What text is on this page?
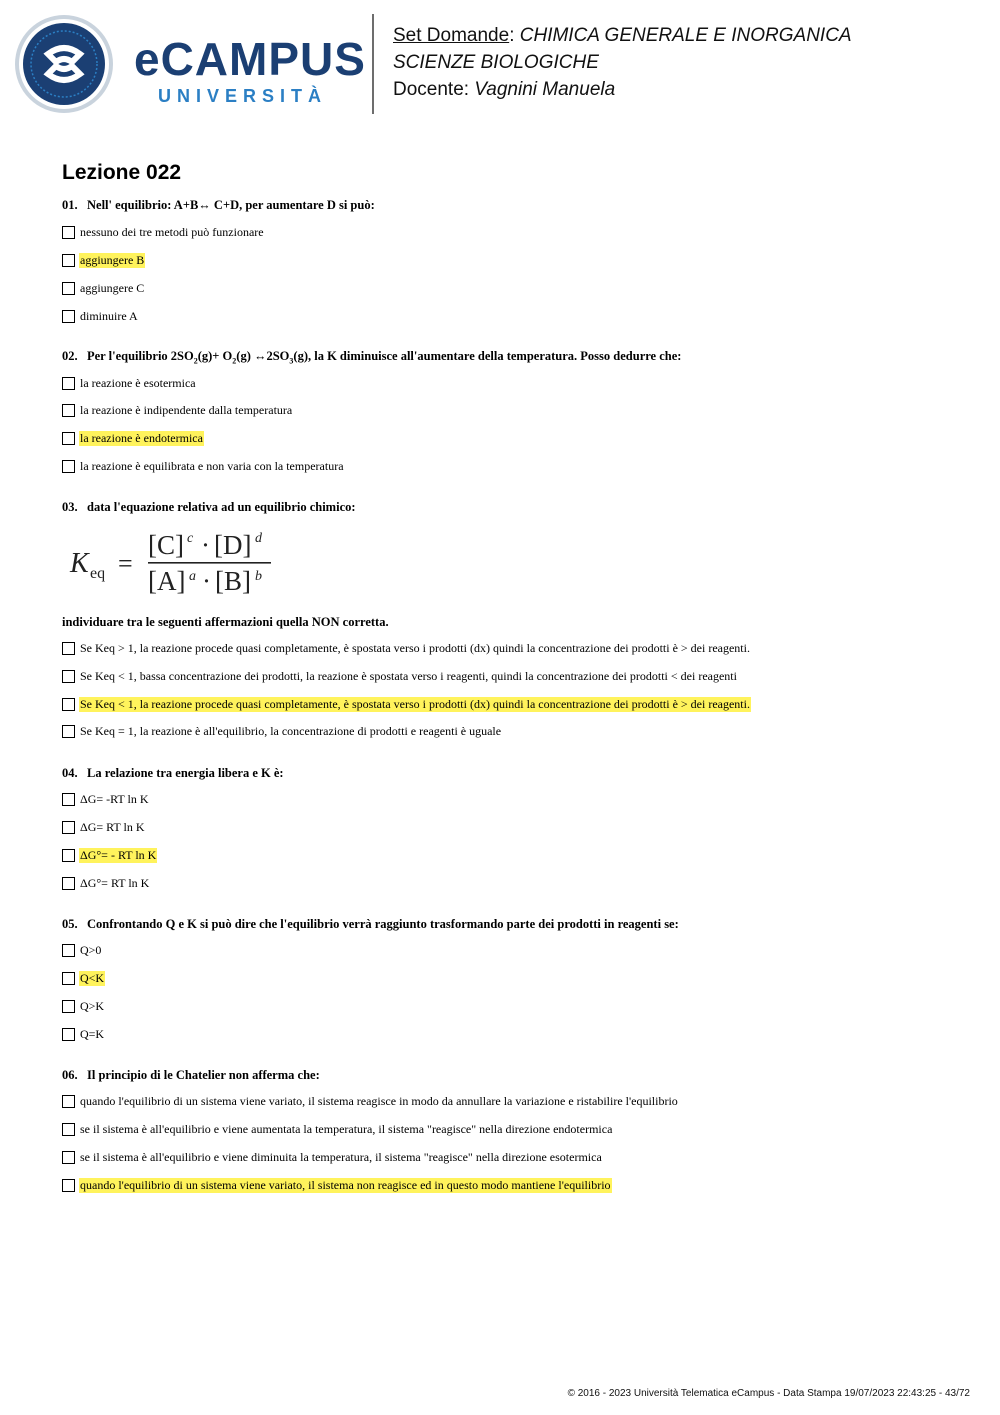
eCAMPUS
UNIVERSITÀ
Set Domande: CHIMICA GENERALE E INORGANICA
SCIENZE BIOLOGICHE
Docente: Vagnini Manuela
Lezione 022
01. Nell' equilibrio: A+B↔ C+D, per aumentare D si può:
nessuno dei tre metodi può funzionare
aggiungere B
aggiungere C
diminuire A
02. Per l'equilibrio $2SO_2(g)+ O_2(g)$ $\leftrightarrow 2SO_3(g)$, la K diminuisce all'aumentare della temperatura. Posso dedurre che:
la reazione è esotermica
la reazione è indipendente dalla temperatura
la reazione è endotermica
la reazione è equilibrata e non varia con la temperatura
03. data l'equazione relativa ad un equilibrio chimico:
K eq =
[C] c · [D] d
[A] a · [B] b
individuare tra le seguenti affermazioni quella NON corretta.
Se Keq > 1, la reazione procede quasi completamente, è spostata verso i prodotti (dx) quindi la concentrazione dei prodotti è > dei reagenti.
Se Keq < 1, bassa concentrazione dei prodotti, la reazione è spostata verso i reagenti, quindi la concentrazione dei prodotti < dei reagenti
Se Keq < 1, la reazione procede quasi completamente, è spostata verso i prodotti (dx) quindi la concentrazione dei prodotti è > dei reagenti.
Se Keq = 1, la reazione è all'equilibrio, la concentrazione di prodotti e reagenti è uguale
04. La relazione tra energia libera e K è:
ΔG= -RT ln K
ΔG= RT ln K
ΔG°= - RT ln K
ΔG°= RT ln K
05. Confrontando Q e K si può dire che l'equilibrio verrà raggiunto trasformando parte dei prodotti in reagenti se:
Q>0
Q<K
Q>K
Q=K
06. Il principio di le Chatelier non afferma che:
quando l'equilibrio di un sistema viene variato, il sistema reagisce in modo da annullare la variazione e ristabilire l'equilibrio
se il sistema è all'equilibrio e viene aumentata la temperatura, il sistema "reagisce" nella direzione endotermica
se il sistema è all'equilibrio e viene diminuita la temperatura, il sistema "reagisce" nella direzione esotermica
quando l'equilibrio di un sistema viene variato, il sistema non reagisce ed in questo modo mantiene l'equilibrio
© 2016 - 2023 Università Telematica eCampus - Data Stampa 19/07/2023 22:43:25 - 43/72
